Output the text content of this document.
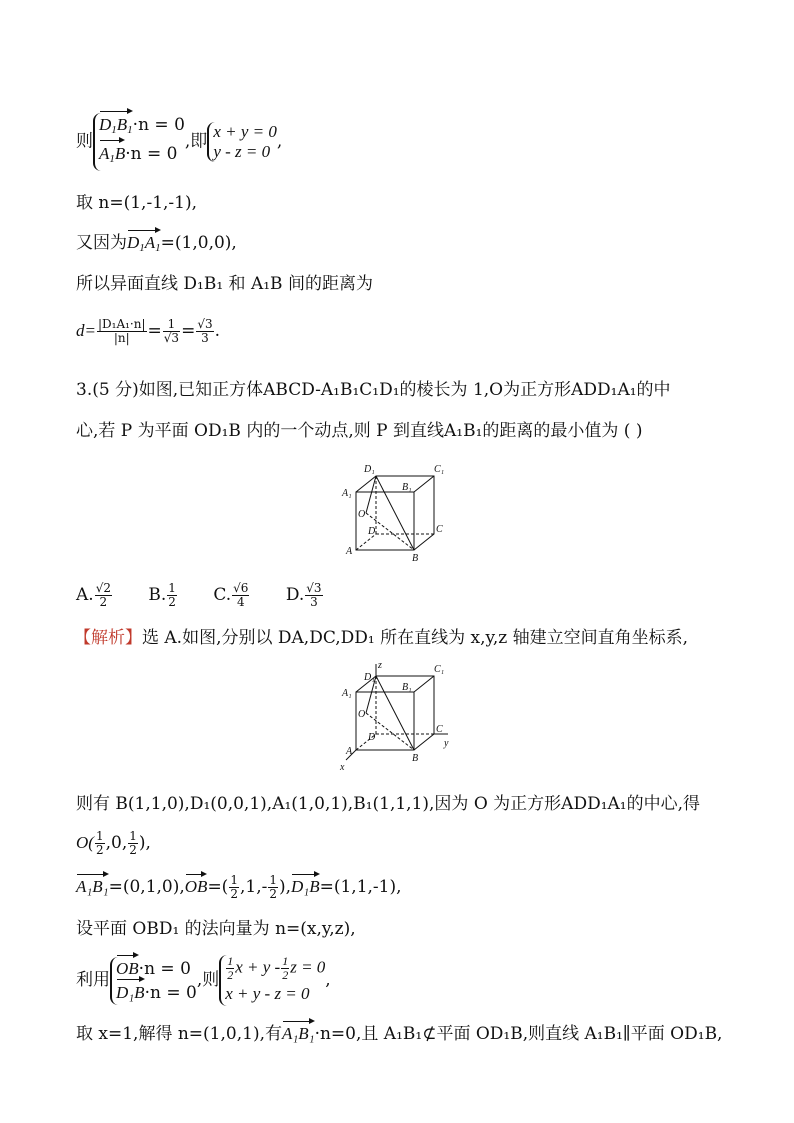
则
$D_1B_1\cdot n = 0$
$A_1B\cdot n = 0$
,即 x + y = 0
y - z = 0 ,
取 n=(1,-1,-1),
又因为$D_1A_1=(1,0,0)$,
所以异面直线 D₁B₁ 和 A₁B 间的距离为
$d= \frac{\text{|D₁A₁·n|}}{|n|} = \frac{1}{√3} = \frac{√3}{3}$ .
3.(5 分)如图,已知正方体ABCD-A₁B₁C₁D₁的棱长为 1,O为正方形ADD₁A₁的中
心,若 P 为平面 OD₁B 内的一个动点,则 P 到直线A₁B₁的距离的最小值为 ( )
D₁	C₁
A₁
B₁
O
C
D
A
B
A. $\frac{√2}{2} B$. $\frac{1}{2} C$. $\frac{√6}{4} D$. $\frac{√3}{3}$
【解析】选 A.如图,分别以 DA,DC,DD₁ 所在直线为 x,y,z 轴建立空间直角坐标系,
z
y
x
D₁
C₁
A₁
B₁
O
C
D
A
B
则有 B(1,1,0),D₁(0,0,1),A₁(1,0,1),B₁(1,1,1),因为 O 为正方形ADD₁A₁的中心,得
$O( \frac{1}{2} ,0$, $\frac{1}{2}$ ),
$A_1B_1=(0,1,0),OB=( \frac{1}{2} ,1,- \frac{1}{2} ),D_1B=(1,1,-1)$,
设平面 OBD₁ 的法向量为 n=(x,y,z),
利用
OB·n = 0
D₁B·n = 0
,则 $\frac{1}{2}$ $x + y - \frac{1}{2}$ z = 0
x + y - z = 0
,
取 x=1,解得 n=(1,0,1),有A₁B₁·n=0,且 A₁B₁⊄平面 OD₁B,则直线 A₁B₁∥平面 OD₁B,
